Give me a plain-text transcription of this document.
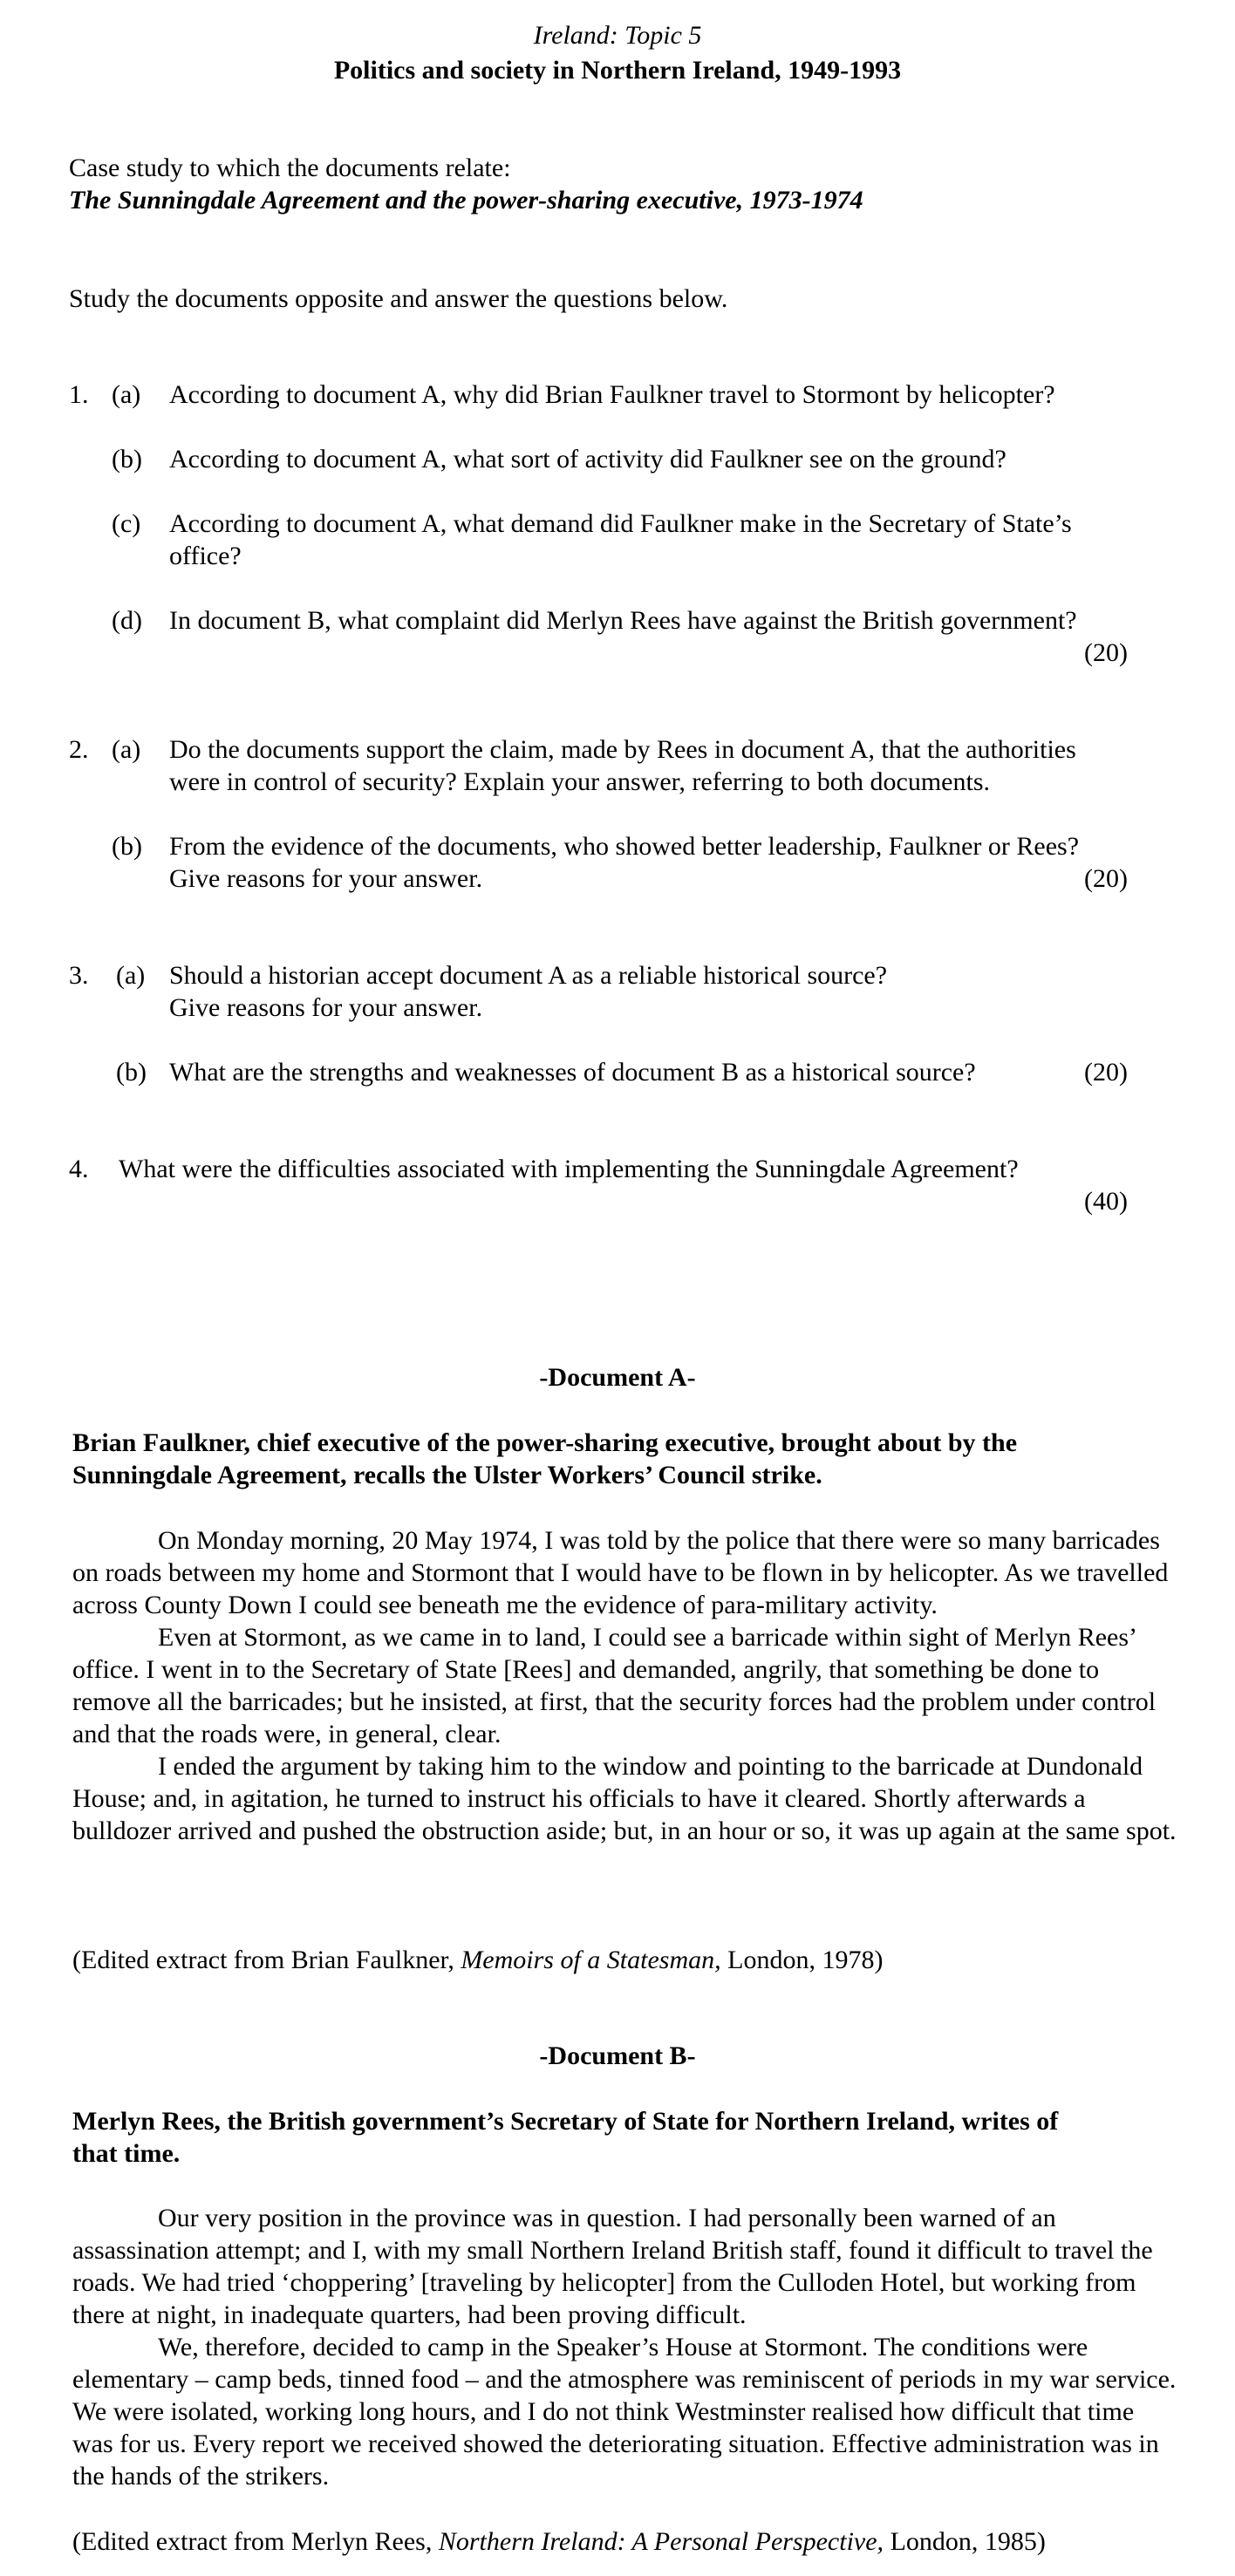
Ireland: Topic 5
Politics and society in Northern Ireland, 1949-1993
Case study to which the documents relate:
The Sunningdale Agreement and the power-sharing executive, 1973-1974
Study the documents opposite and answer the questions below.
1. (a) According to document A, why did Brian Faulkner travel to Stormont by helicopter?
(b) According to document A, what sort of activity did Faulkner see on the ground?
(c) According to document A, what demand did Faulkner make in the Secretary of State’s
office?
(d) In document B, what complaint did Merlyn Rees have against the British government?
(20)
2. (a) Do the documents support the claim, made by Rees in document A, that the authorities
were in control of security? Explain your answer, referring to both documents.
(b) From the evidence of the documents, who showed better leadership, Faulkner or Rees?
Give reasons for your answer.	(20)
3. (a) Should a historian accept document A as a reliable historical source?
Give reasons for your answer.
(b) What are the strengths and weaknesses of document B as a historical source?	(20)
4. What were the difficulties associated with implementing the Sunningdale Agreement?
(40)
-Document A-
Brian Faulkner, chief executive of the power-sharing executive, brought about by the
Sunningdale Agreement, recalls the Ulster Workers’ Council strike.

On Monday morning, 20 May 1974, I was told by the police that there were so many barricades on roads between my home and Stormont that I would have to be flown in by helicopter. As we travelled across County Down I could see beneath me the evidence of para-military activity.

Even at Stormont, as we came in to land, I could see a barricade within sight of Merlyn Rees’ office. I went in to the Secretary of State [Rees] and demanded, angrily, that something be done to remove all the barricades; but he insisted, at first, that the security forces had the problem under control and that the roads were, in general, clear.

I ended the argument by taking him to the window and pointing to the barricade at Dundonald House; and, in agitation, he turned to instruct his officials to have it cleared. Shortly afterwards a bulldozer arrived and pushed the obstruction aside; but, in an hour or so, it was up again at the same spot.

(Edited extract from Brian Faulkner, Memoirs of a Statesman, London, 1978)
-Document B-
Merlyn Rees, the British government’s Secretary of State for Northern Ireland, writes of
that time.

Our very position in the province was in question. I had personally been warned of an assassination attempt; and I, with my small Northern Ireland British staff, found it difficult to travel the roads. We had tried ‘choppering’ [traveling by helicopter] from the Culloden Hotel, but working from there at night, in inadequate quarters, had been proving difficult.

We, therefore, decided to camp in the Speaker’s House at Stormont. The conditions were elementary – camp beds, tinned food – and the atmosphere was reminiscent of periods in my war service. We were isolated, working long hours, and I do not think Westminster realised how difficult that time was for us. Every report we received showed the deteriorating situation. Effective administration was in the hands of the strikers.

(Edited extract from Merlyn Rees, Northern Ireland: A Personal Perspective, London, 1985)
